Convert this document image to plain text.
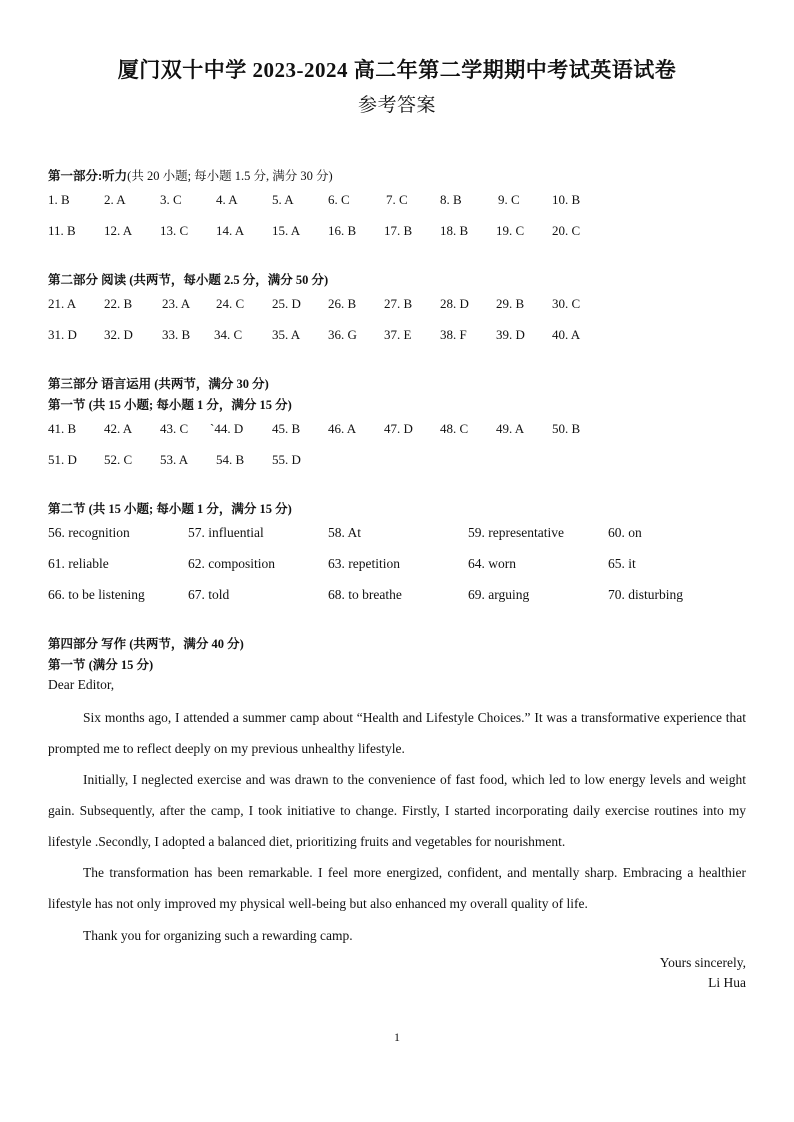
厦门双十中学 2023-2024 高二年第二学期期中考试英语试卷
参考答案
第一部分:听力(共 20 小题; 每小题 1.5 分, 满分 30 分)
1. B	2. A	3. C	4. A	5. A	6. C	7. C 8. B	9. C 10. B
11. B 12. A 13. C 14. A 15. A 16. B 17. B 18. B 19. C 20. C
第二部分 阅读 (共两节，每小题 2.5 分，满分 50 分)
21. A 22. B 23. A 24. C 25. D 26. B 27. B 28. D 29. B 30. C
31. D 32. D 33. B 34. C 35. A 36. G 37. E 38. F 39. D 40. A
第三部分 语言运用 (共两节，满分 30 分)
第一节 (共 15 小题; 每小题 1 分，满分 15 分)
41. B 42. A 43. C `44. D 45. B 46. A 47. D 48. C 49. A 50. B
51. D 52. C 53. A 54. B 55. D
第二节 (共 15 小题; 每小题 1 分，满分 15 分)
56. recognition	57. influential	58. At	59. representative	60. on
61. reliable	62. composition	63. repetition	64. worn	65. it
66. to be listening	67. told	68. to breathe	69. arguing	70. disturbing
第四部分 写作 (共两节，满分 40 分)
第一节 (满分 15 分)
Dear Editor,
Six months ago, I attended a summer camp about “Health and Lifestyle Choices.” It was a transformative experience that prompted me to reflect deeply on my previous unhealthy lifestyle.
Initially, I neglected exercise and was drawn to the convenience of fast food, which led to low energy levels and weight gain. Subsequently, after the camp, I took initiative to change. Firstly, I started incorporating daily exercise routines into my lifestyle .Secondly, I adopted a balanced diet, prioritizing fruits and vegetables for nourishment.
The transformation has been remarkable. I feel more energized, confident, and mentally sharp. Embracing a healthier lifestyle has not only improved my physical well-being but also enhanced my overall quality of life.
Thank you for organizing such a rewarding camp.
Yours sincerely,
Li Hua
1
